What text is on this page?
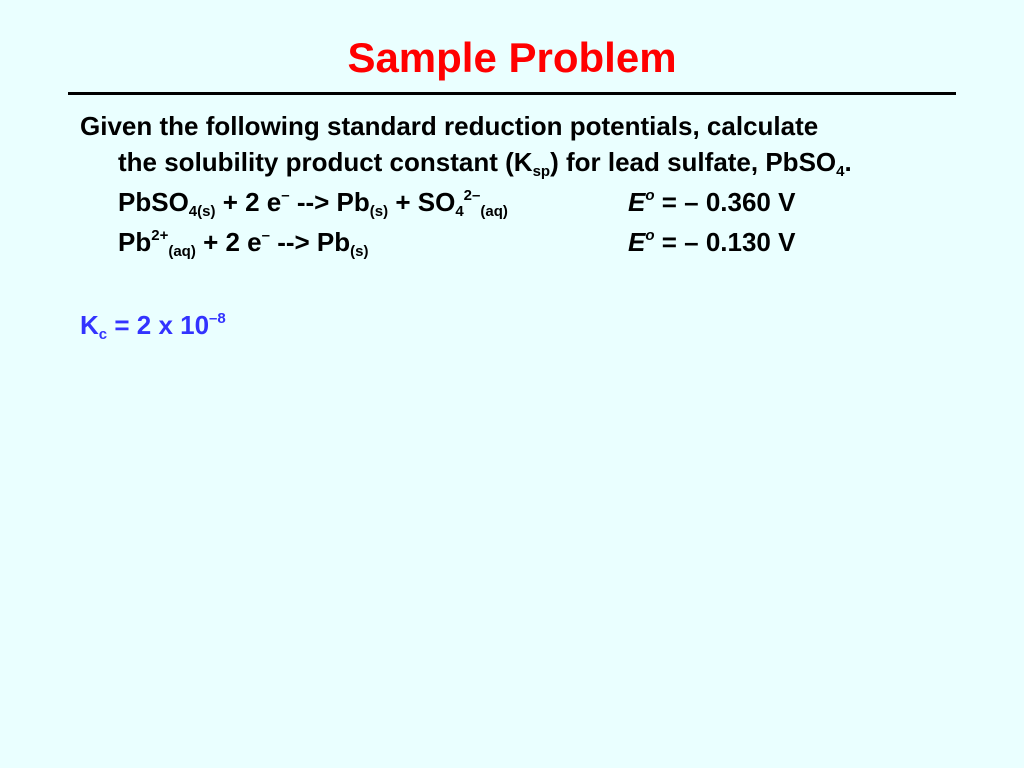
Sample Problem
Given the following standard reduction potentials, calculate
the solubility product constant $(K_{sp})$ for lead sulfate, PbSO$_4$.
PbSO$_{4(s)}$ + 2 e– --> $Pb_{(s)} + SO_4^{2-}_{(aq)}$	$E^o$ = – 0.360 V
$Pb^{2+}_{(aq)} + 2$ e– --> $Pb_{(s)}$	$E^o$ = – 0.130 V
$K_c = 2$ x $10^{-8}$
